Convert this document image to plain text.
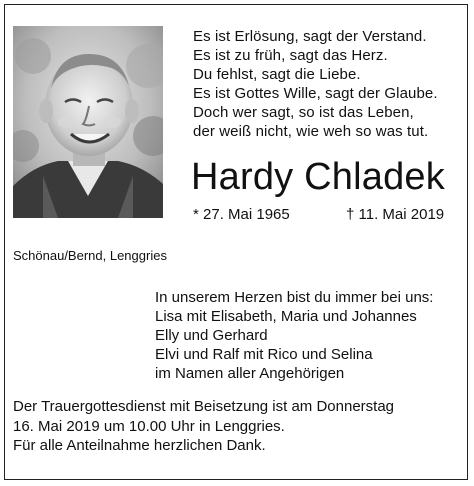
Es ist Erlösung, sagt der Verstand.
Es ist zu früh, sagt das Herz.
Du fehlst, sagt die Liebe.
Es ist Gottes Wille, sagt der Glaube.
Doch wer sagt, so ist das Leben,
der weiß nicht, wie weh so was tut.
Hardy Chladek
* 27. Mai 1965	† 11. Mai 2019
Schönau/Bernd, Lenggries
In unserem Herzen bist du immer bei uns:
Lisa mit Elisabeth, Maria und Johannes
Elly und Gerhard
Elvi und Ralf mit Rico und Selina
im Namen aller Angehörigen
Der Trauergottesdienst mit Beisetzung ist am Donnerstag
16. Mai 2019 um 10.00 Uhr in Lenggries.
Für alle Anteilnahme herzlichen Dank.
